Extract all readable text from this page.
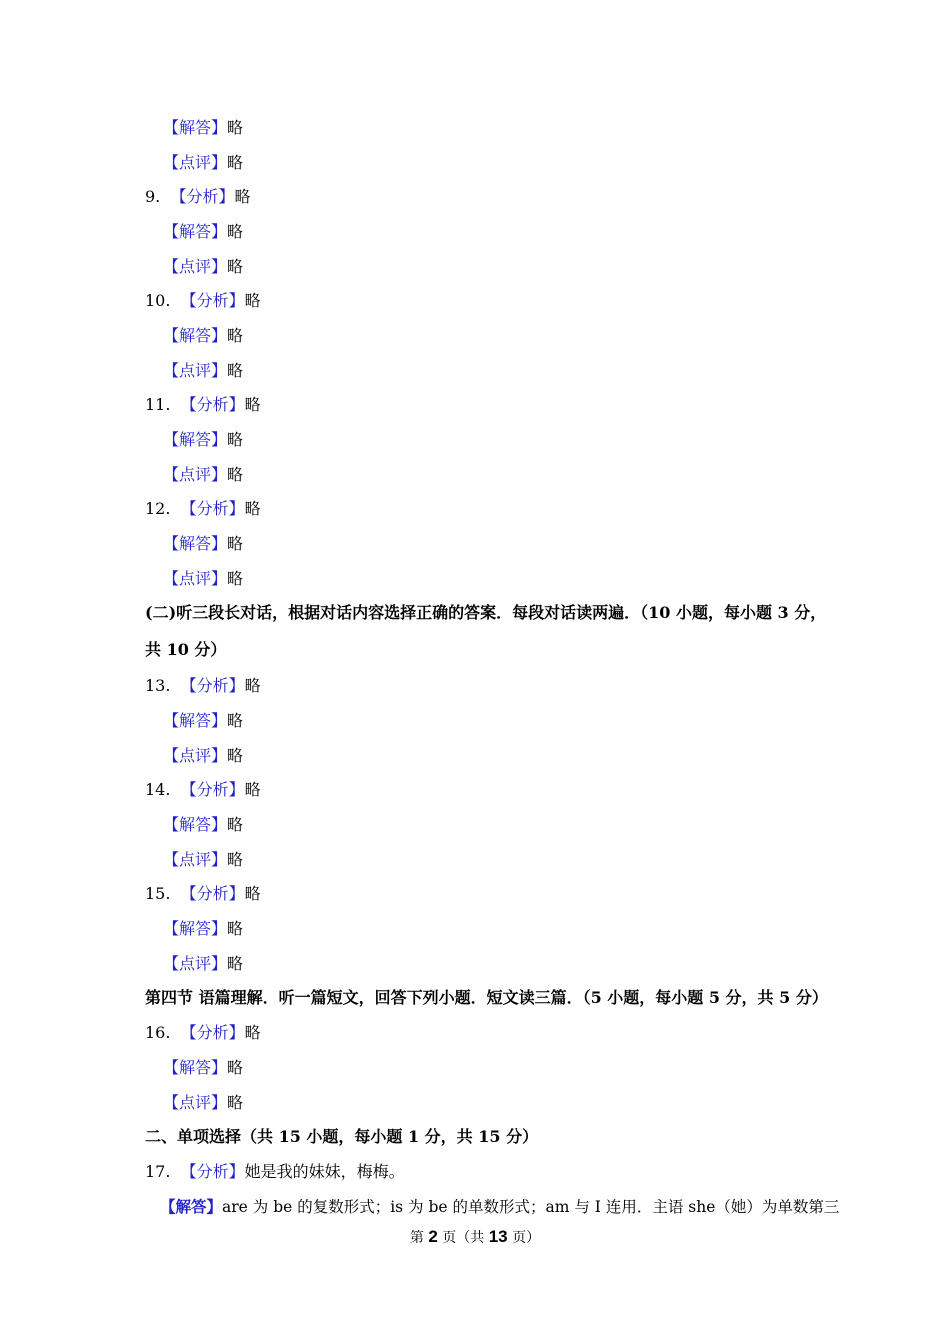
【解答】略
【点评】略
9. 【分析】略
【解答】略
【点评】略
10. 【分析】略
【解答】略
【点评】略
11. 【分析】略
【解答】略
【点评】略
12. 【分析】略
【解答】略
【点评】略
(二)听三段长对话，根据对话内容选择正确的答案．每段对话读两遍．（10 小题，每小题 3 分，
共 10 分）
13. 【分析】略
【解答】略
【点评】略
14. 【分析】略
【解答】略
【点评】略
15. 【分析】略
【解答】略
【点评】略
第四节 语篇理解．听一篇短文，回答下列小题．短文读三篇．（5 小题，每小题 5 分，共 5 分）
16. 【分析】略
【解答】略
【点评】略
二、单项选择（共 15 小题，每小题 1 分，共 15 分）
17. 【分析】她是我的妹妹，梅梅。
【解答】are 为 be 的复数形式；is 为 be 的单数形式；am 与 I 连用．主语 she（她）为单数第三
第 2 页（共 13 页）
